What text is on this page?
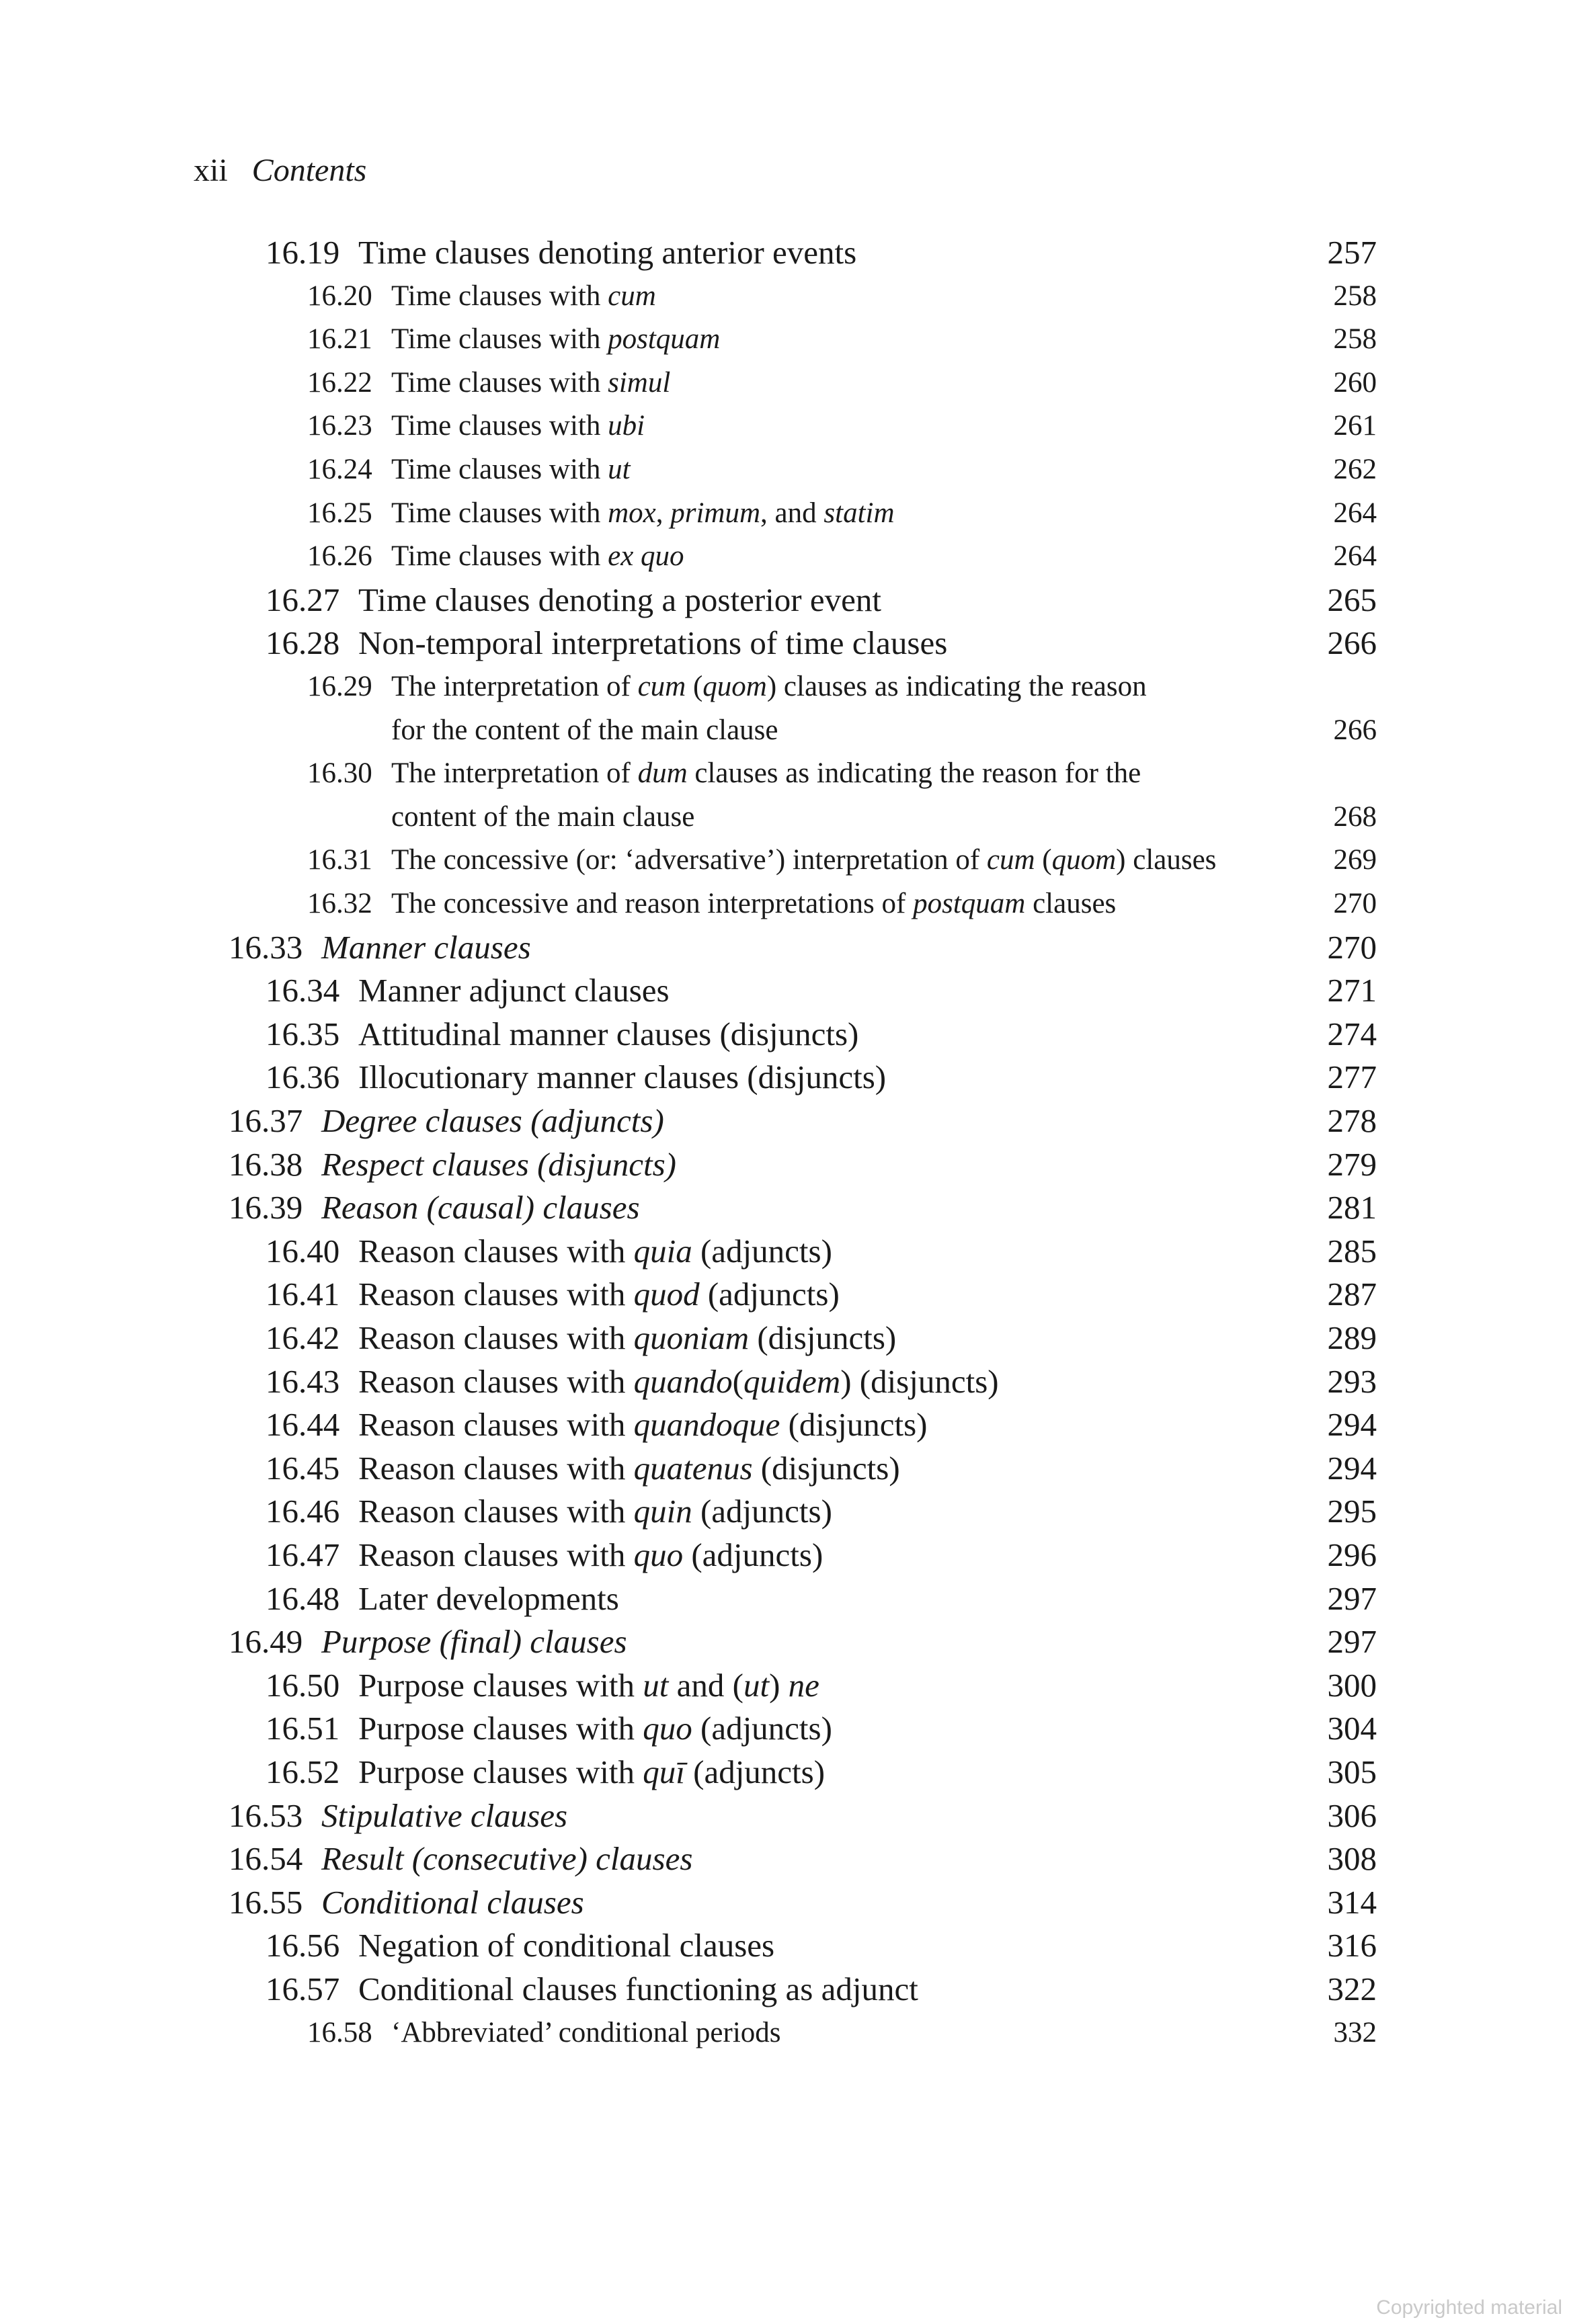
xii Contents
16.19 Time clauses denoting anterior events	257
16.20 Time clauses with cum	258
16.21 Time clauses with postquam	258
16.22 Time clauses with simul	260
16.23 Time clauses with ubi	261
16.24 Time clauses with ut	262
16.25 Time clauses with mox, primum, and statim	264
16.26 Time clauses with ex quo	264
16.27 Time clauses denoting a posterior event	265
16.28 Non-temporal interpretations of time clauses	266
16.29 The interpretation of cum (quom) clauses as indicating the reason
for the content of the main clause	266
16.30 The interpretation of dum clauses as indicating the reason for the
content of the main clause	268
16.31 The concessive (or: ‘adversative’) interpretation of cum (quom) clauses	269
16.32 The concessive and reason interpretations of postquam clauses	270
16.33 Manner clauses	270
16.34 Manner adjunct clauses	271
16.35 Attitudinal manner clauses (disjuncts)	274
16.36 Illocutionary manner clauses (disjuncts)	277
16.37 Degree clauses (adjuncts)	278
16.38 Respect clauses (disjuncts)	279
16.39 Reason (causal) clauses	281
16.40 Reason clauses with quia (adjuncts)	285
16.41 Reason clauses with quod (adjuncts)	287
16.42 Reason clauses with quoniam (disjuncts)	289
16.43 Reason clauses with quando(quidem) (disjuncts)	293
16.44 Reason clauses with quandoque (disjuncts)	294
16.45 Reason clauses with quatenus (disjuncts)	294
16.46 Reason clauses with quin (adjuncts)	295
16.47 Reason clauses with quo (adjuncts)	296
16.48 Later developments	297
16.49 Purpose (final) clauses	297
16.50 Purpose clauses with ut and (ut) ne	300
16.51 Purpose clauses with quo (adjuncts)	304
16.52 Purpose clauses with quī (adjuncts)	305
16.53 Stipulative clauses	306
16.54 Result (consecutive) clauses	308
16.55 Conditional clauses	314
16.56 Negation of conditional clauses	316
16.57 Conditional clauses functioning as adjunct	322
16.58 ‘Abbreviated’ conditional periods	332
Copyrighted material
